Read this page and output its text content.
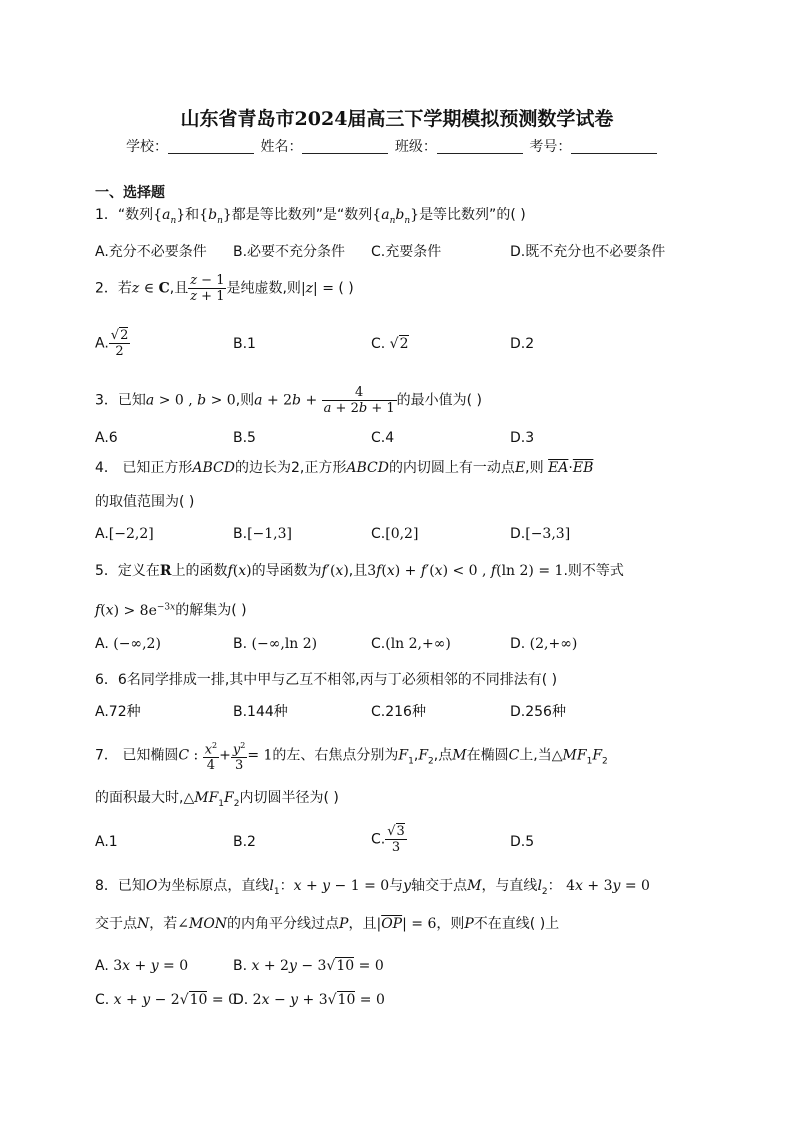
山东省青岛市2024届高三下学期模拟预测数学试卷
学校：	姓名：	班级：	考号：
一、选择题
1．“数列$\{a_n\}$和$\{b_n\}$都是等比数列”是“数列$\{a_nb_n\}$是等比数列”的( )
A.充分不必要条件 B.必要不充分条件 C.充要条件	D.既不充分也不必要条件
2．若z ∈ C,且 $\frac{z - 1}{z + 1}$ 是纯虚数,则|z| = ( )
A. $\frac{√2}{2}$	B.1	C. √2	D.2
3．已知a > 0 , b > 0,则$a + 2b + \frac{4}{a + 2b + 1}$ 的最小值为( )
A.6	B.5	C.4	D.3
4． 已知正方形ABCD的边长为2,正方形ABCD的内切圆上有一动点E,则 $\overline{EA}\cdot\overline{EB}$
的取值范围为( )
A.[−2,2]	B.[−1,3]	C.[0,2]	D.[−3,3]
5．定义在R上的函数f(x)的导函数为f′(x),且3f(x) + f′(x) < 0 , f(ln 2) = 1.则不等式
$f(x) > 8e^{-3x}$的解集为( )
A. (−∞,2)	B. (−∞,ln 2)	C.(ln 2,+∞)	D. (2,+∞)
6．6名同学排成一排,其中甲与乙互不相邻,丙与丁必须相邻的不同排法有( )
A.72种	B.144种	C.216种	D.256种
7． 已知椭圆C : $\frac{x^2}{4} + \frac{y^2}{3} = 1$的左、右焦点分别为$F_1,F_2$,点M在椭圆C上,当$\triangle MF_1F_2$
的面积最大时$,\triangle MF_1F_2$内切圆半径为( )
A.1	B.2	C. $\frac{√3}{3}$	D.5
8．已知O为坐标原点，直线$l_1$：x + y − 1 = 0与y轴交于点M，与直线$l_2$： 4x + 3y = 0
交于点N，若∠MON的内角平分线过点P，且$|\overline{OP}| = 6$，则P不在直线( )上
A. 3x + y = 0	B. x + 2y − 3√10 = 0
C. x + y − 2√10 = 0
D. 2x − y + 3√10 = 0
